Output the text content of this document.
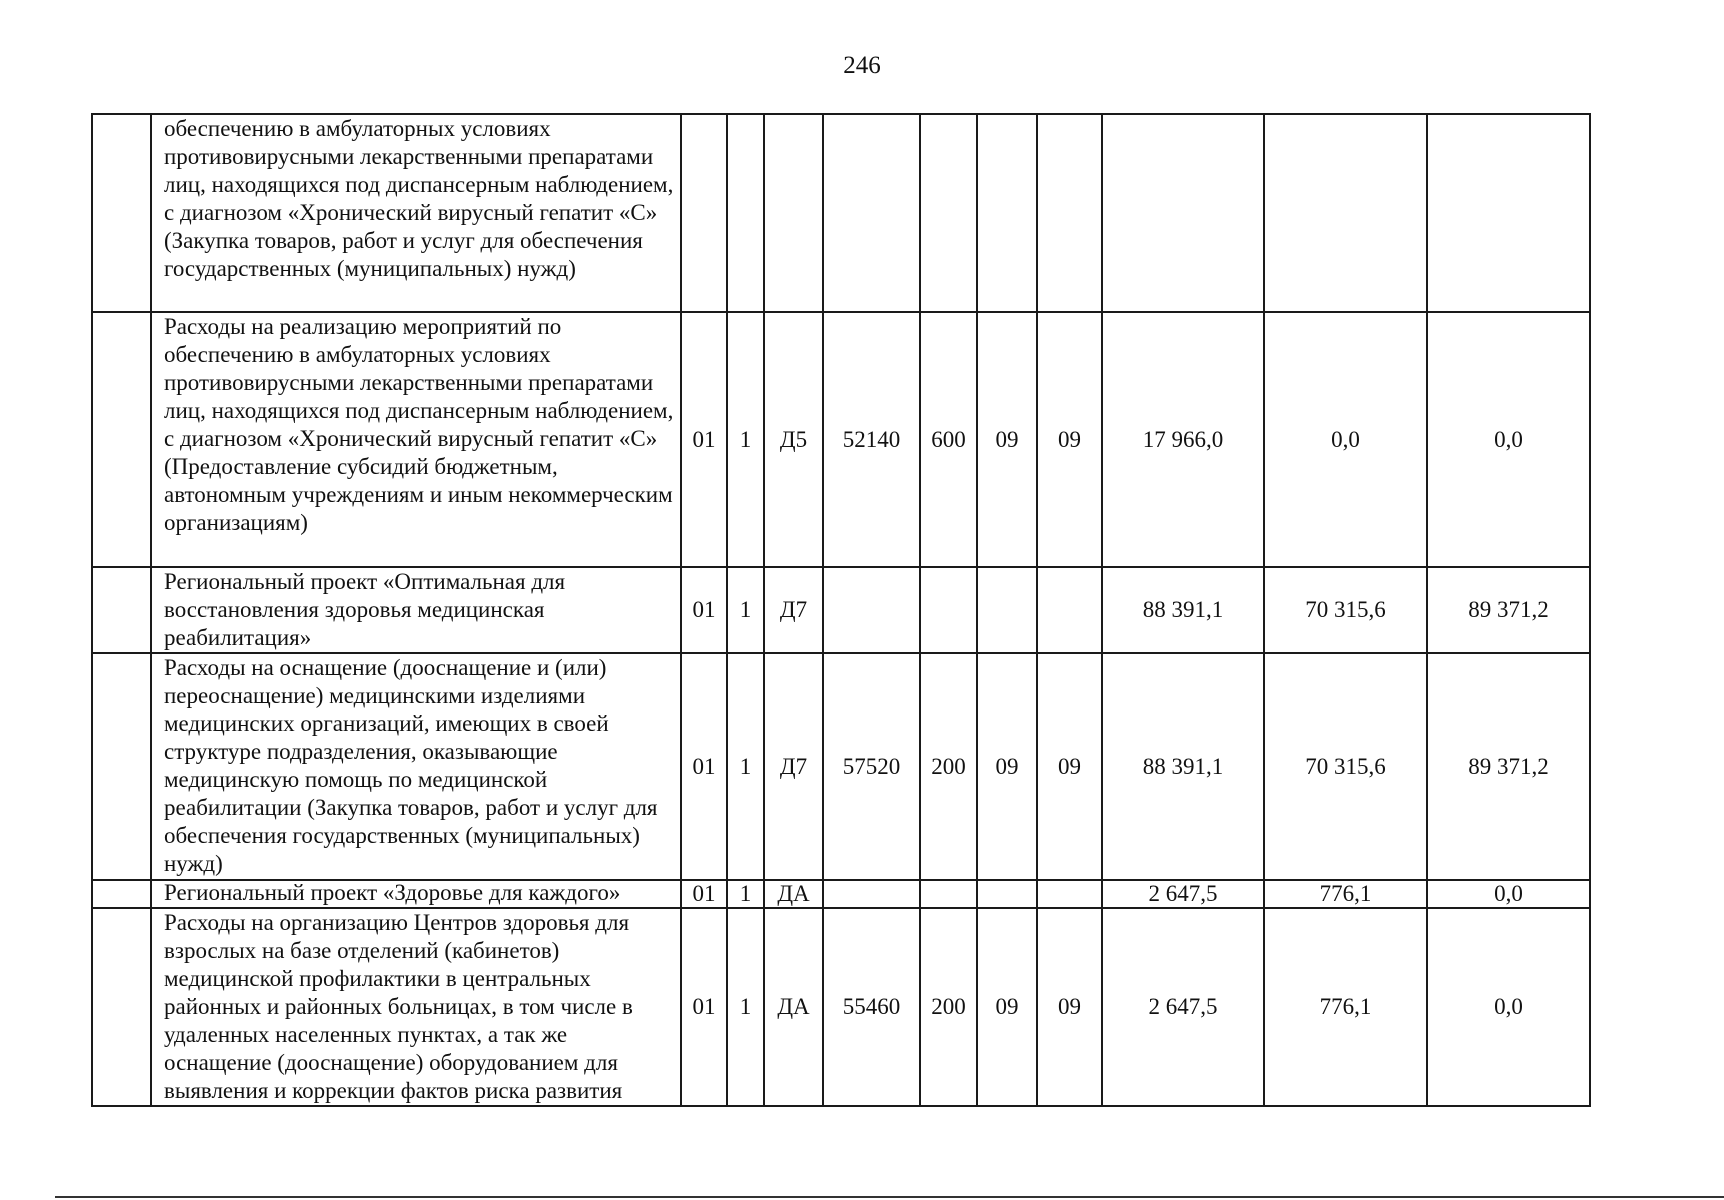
246
	обеспечению в амбулаторных условиях противовирусными лекарственными препаратами лиц, находящихся под диспансерным наблюдением, с диагнозом «Хронический вирусный гепатит «С» (Закупка товаров, работ и услуг для обеспечения государственных (муниципальных) нужд)										
	Расходы на реализацию мероприятий по обеспечению в амбулаторных условиях противовирусными лекарственными препаратами лиц, находящихся под диспансерным наблюдением, с диагнозом «Хронический вирусный гепатит «С» (Предоставление субсидий бюджетным, автономным учреждениям и иным некоммерческим организациям)	01	1	Д5	52140	600	09	09	17 966,0	0,0	0,0
	Региональный проект «Оптимальная для восстановления здоровья медицинская реабилитация»	01	1	Д7					88 391,1	70 315,6	89 371,2
	Расходы на оснащение (дооснащение и (или) переоснащение) медицинскими изделиями медицинских организаций, имеющих в своей структуре подразделения, оказывающие медицинскую помощь по медицинской реабилитации (Закупка товаров, работ и услуг для обеспечения государственных (муниципальных) нужд)	01	1	Д7	57520	200	09	09	88 391,1	70 315,6	89 371,2
	Региональный проект «Здоровье для каждого»	01	1	ДА					2 647,5	776,1	0,0
	Расходы на организацию Центров здоровья для взрослых на базе отделений (кабинетов) медицинской профилактики в центральных районных и районных больницах, в том числе в удаленных населенных пунктах, а так же оснащение (дооснащение) оборудованием для выявления и коррекции фактов риска развития	01	1	ДА	55460	200	09	09	2 647,5	776,1	0,0
